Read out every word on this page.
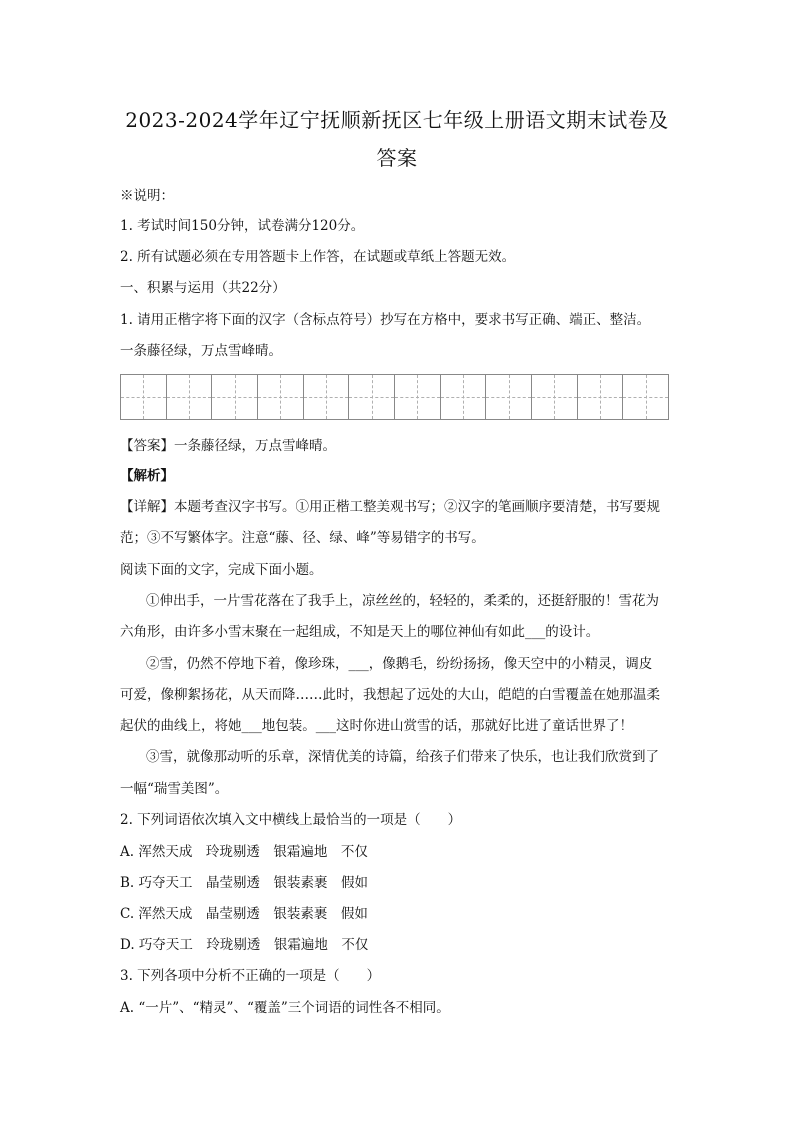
2023-2024学年辽宁抚顺新抚区七年级上册语文期末试卷及
答案
※说明：
1. 考试时间150分钟，试卷满分120分。
2. 所有试题必须在专用答题卡上作答，在试题或草纸上答题无效。
一、积累与运用（共22分）
1. 请用正楷字将下面的汉字（含标点符号）抄写在方格中，要求书写正确、端正、整洁。
一条藤径绿，万点雪峰晴。
【答案】一条藤径绿，万点雪峰晴。
【解析】
【详解】本题考查汉字书写。①用正楷工整美观书写；②汉字的笔画顺序要清楚，书写要规
范；③不写繁体字。注意“藤、径、绿、峰”等易错字的书写。
阅读下面的文字，完成下面小题。
①伸出手，一片雪花落在了我手上，凉丝丝的，轻轻的，柔柔的，还挺舒服的！雪花为
六角形，由许多小雪末聚在一起组成，不知是天上的哪位神仙有如此___的设计。
②雪，仍然不停地下着，像珍珠，___，像鹅毛，纷纷扬扬，像天空中的小精灵，调皮
可爱，像柳絮扬花，从天而降……此时，我想起了远处的大山，皑皑的白雪覆盖在她那温柔
起伏的曲线上，将她___地包装。___这时你进山赏雪的话，那就好比进了童话世界了！
③雪，就像那动听的乐章，深情优美的诗篇，给孩子们带来了快乐，也让我们欣赏到了
一幅“瑞雪美图”。
2. 下列词语依次填入文中横线上最恰当的一项是（　　）
A. 浑然天成　玲珑剔透　银霜遍地　不仅
B. 巧夺天工　晶莹剔透　银装素裹　假如
C. 浑然天成　晶莹剔透　银装素裹　假如
D. 巧夺天工　玲珑剔透　银霜遍地　不仅
3. 下列各项中分析不正确的一项是（　　）
A. “一片”、“精灵”、“覆盖”三个词语的词性各不相同。
